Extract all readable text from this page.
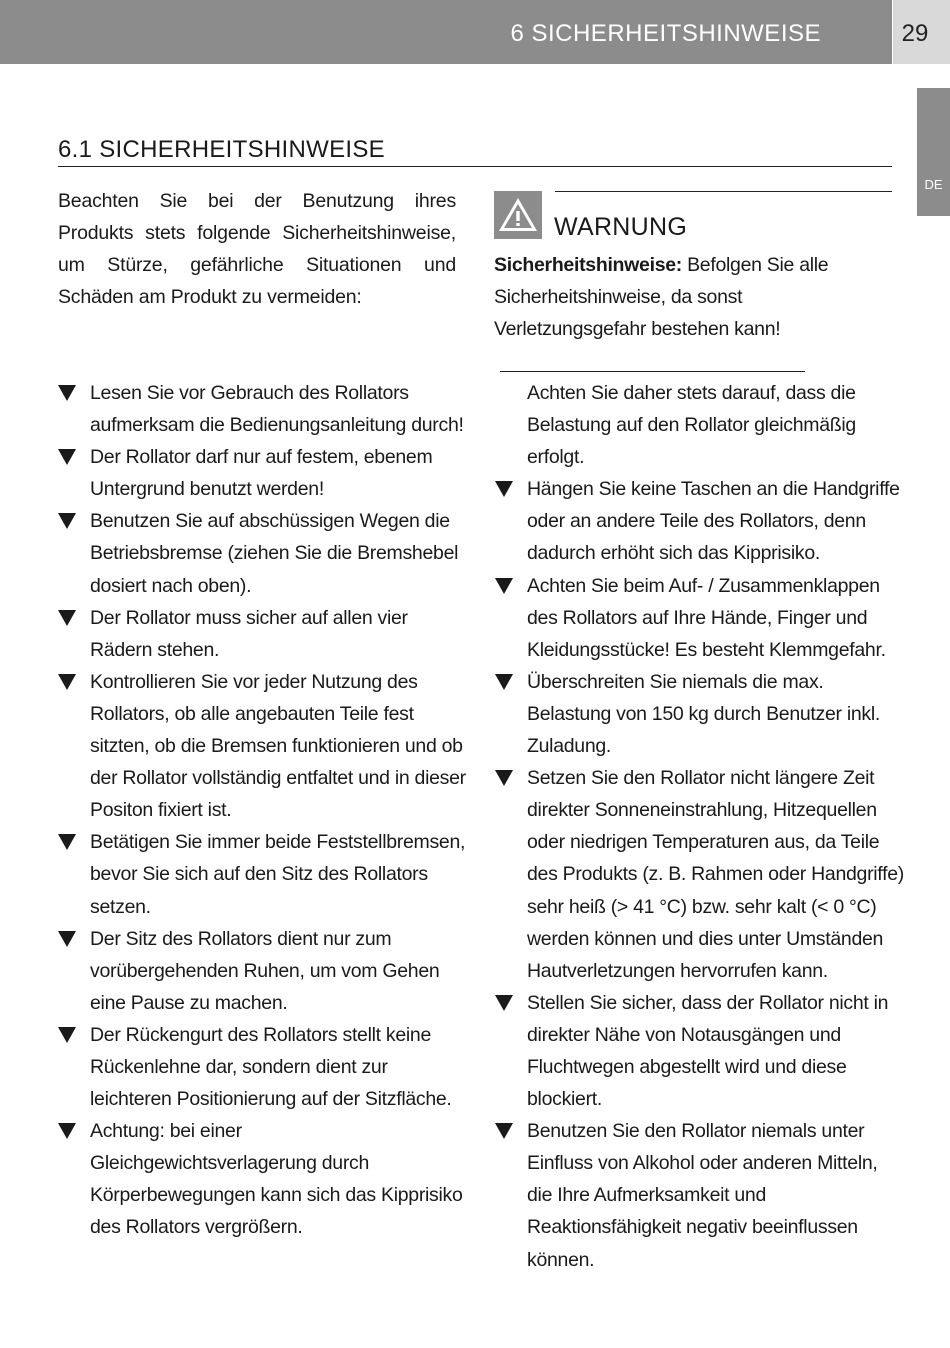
6 SICHERHEITSHINWEISE	29
DE
6.1 SICHERHEITSHINWEISE
Beachten Sie bei der Benutzung ihres Produkts stets folgende Sicherheitshinweise, um Stürze, gefährliche Situationen und Schäden am Produkt zu vermeiden:
WARNUNG
Sicherheitshinweise: Befolgen Sie alle Sicherheitshinweise, da sonst Verletzungsgefahr bestehen kann!
Lesen Sie vor Gebrauch des Rollators aufmerksam die Bedienungsanleitung durch!
Der Rollator darf nur auf festem, ebenem Untergrund benutzt werden!
Benutzen Sie auf abschüssigen Wegen die Betriebsbremse (ziehen Sie die Bremshebel dosiert nach oben).
Der Rollator muss sicher auf allen vier Rädern stehen.
Kontrollieren Sie vor jeder Nutzung des Rollators, ob alle angebauten Teile fest sitzten, ob die Bremsen funktionieren und ob der Rollator vollständig entfaltet und in dieser Positon fixiert ist.
Betätigen Sie immer beide Feststellbremsen, bevor Sie sich auf den Sitz des Rollators setzen.
Der Sitz des Rollators dient nur zum vorübergehenden Ruhen, um vom Gehen eine Pause zu machen.
Der Rückengurt des Rollators stellt keine Rückenlehne dar, sondern dient zur leichteren Positionierung auf der Sitzfläche.
Achtung: bei einer Gleichgewichtsverlagerung durch Körperbewegungen kann sich das Kipprisiko des Rollators vergrößern.
Achten Sie daher stets darauf, dass die Belastung auf den Rollator gleichmäßig erfolgt.
Hängen Sie keine Taschen an die Handgriffe oder an andere Teile des Rollators, denn dadurch erhöht sich das Kipprisiko.
Achten Sie beim Auf- / Zusammenklappen des Rollators auf Ihre Hände, Finger und Kleidungsstücke! Es besteht Klemmgefahr.
Überschreiten Sie niemals die max. Belastung von 150 kg durch Benutzer inkl. Zuladung.
Setzen Sie den Rollator nicht längere Zeit direkter Sonneneinstrahlung, Hitzequellen oder niedrigen Temperaturen aus, da Teile des Produkts (z. B. Rahmen oder Handgriffe) sehr heiß (> 41 °C) bzw. sehr kalt (< 0 °C) werden können und dies unter Umständen Hautverletzungen hervorrufen kann.
Stellen Sie sicher, dass der Rollator nicht in direkter Nähe von Notausgängen und Fluchtwegen abgestellt wird und diese blockiert.
Benutzen Sie den Rollator niemals unter Einfluss von Alkohol oder anderen Mitteln, die Ihre Aufmerksamkeit und Reaktionsfähigkeit negativ beeinflussen können.
